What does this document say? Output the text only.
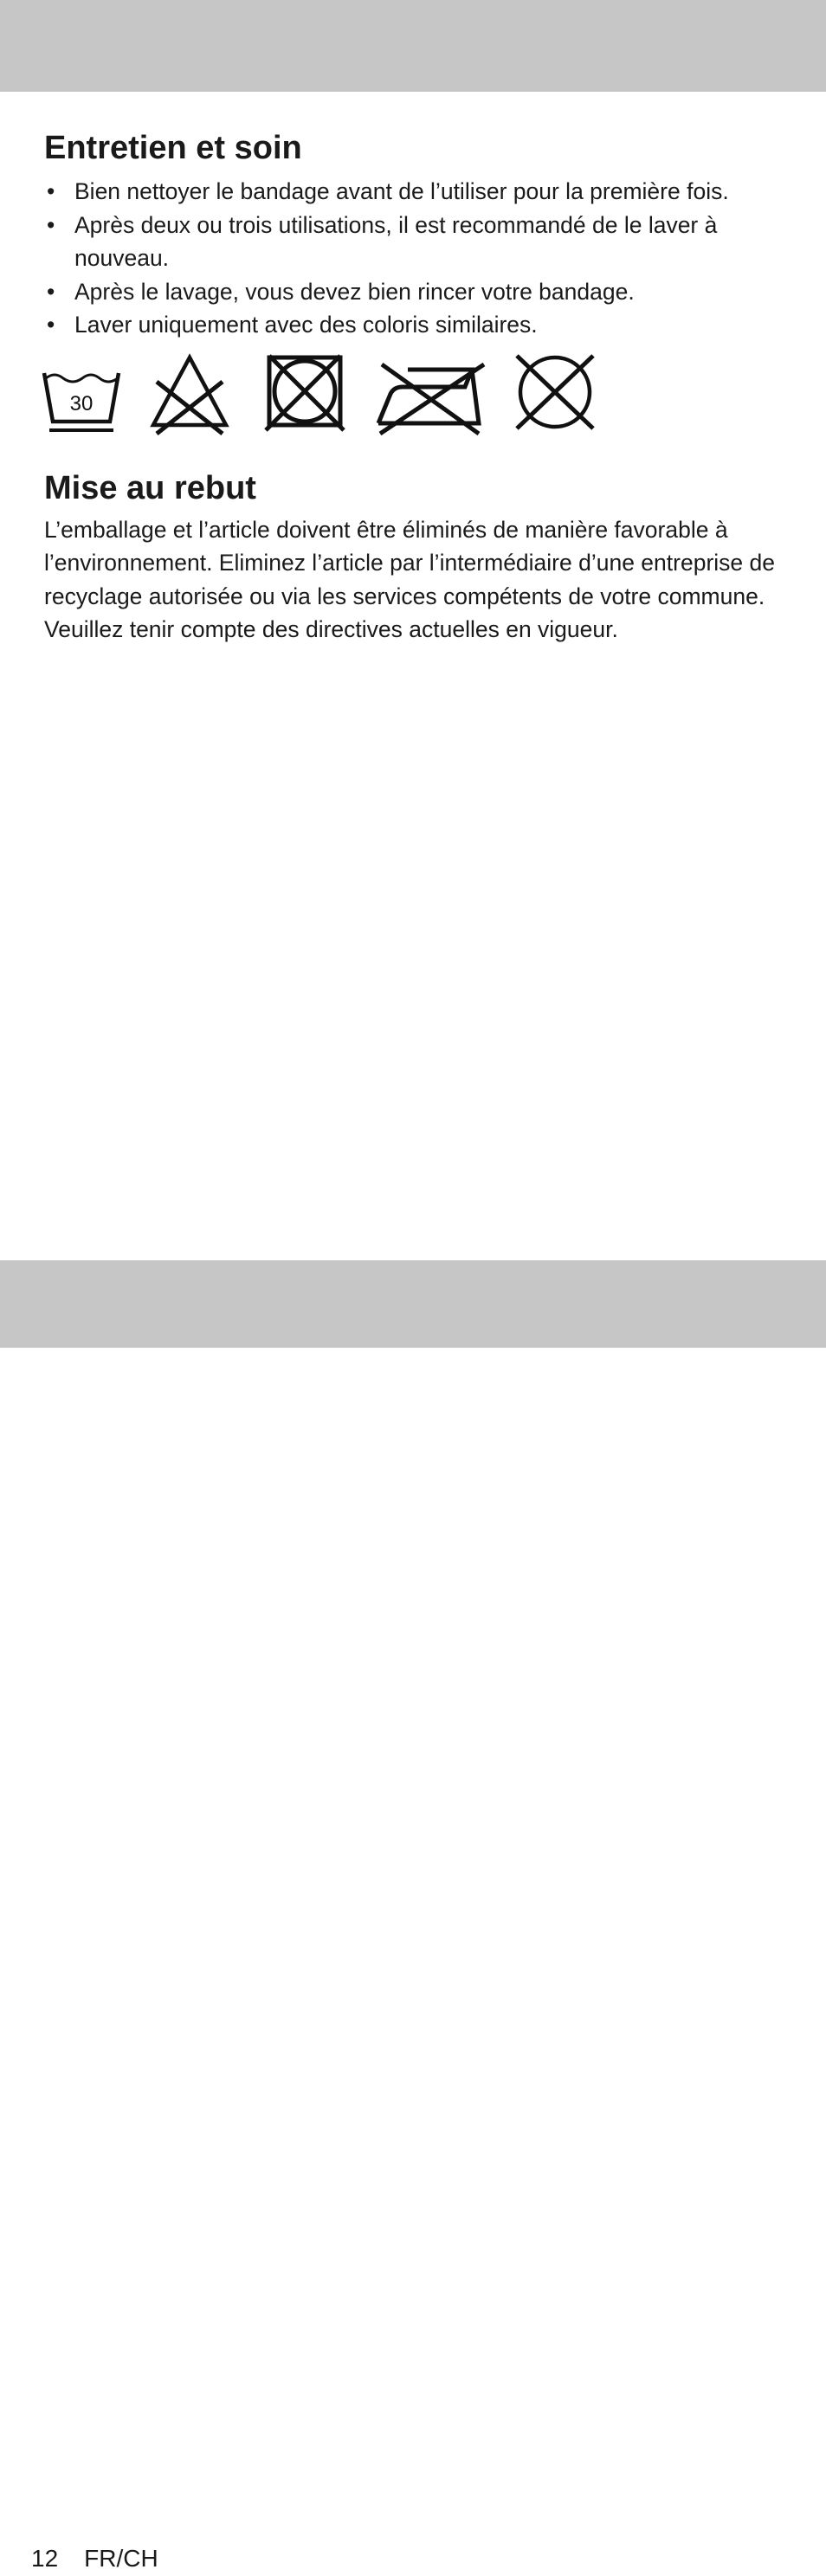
Entretien et soin
• Bien nettoyer le bandage avant de l’utiliser pour la première fois.
• Après deux ou trois utilisations, il est recommandé de le laver à nouveau.
• Après le lavage, vous devez bien rincer votre bandage.
• Laver uniquement avec des coloris similaires.
30
Mise au rebut

L’emballage et l’article doivent être éliminés de manière favorable à l’environnement. Eliminez l’article par l’intermédiaire d’une entreprise de recyclage autorisée ou via les services compétents de votre commune. Veuillez tenir compte des directives actuelles en vigueur.

12 FR/CH
